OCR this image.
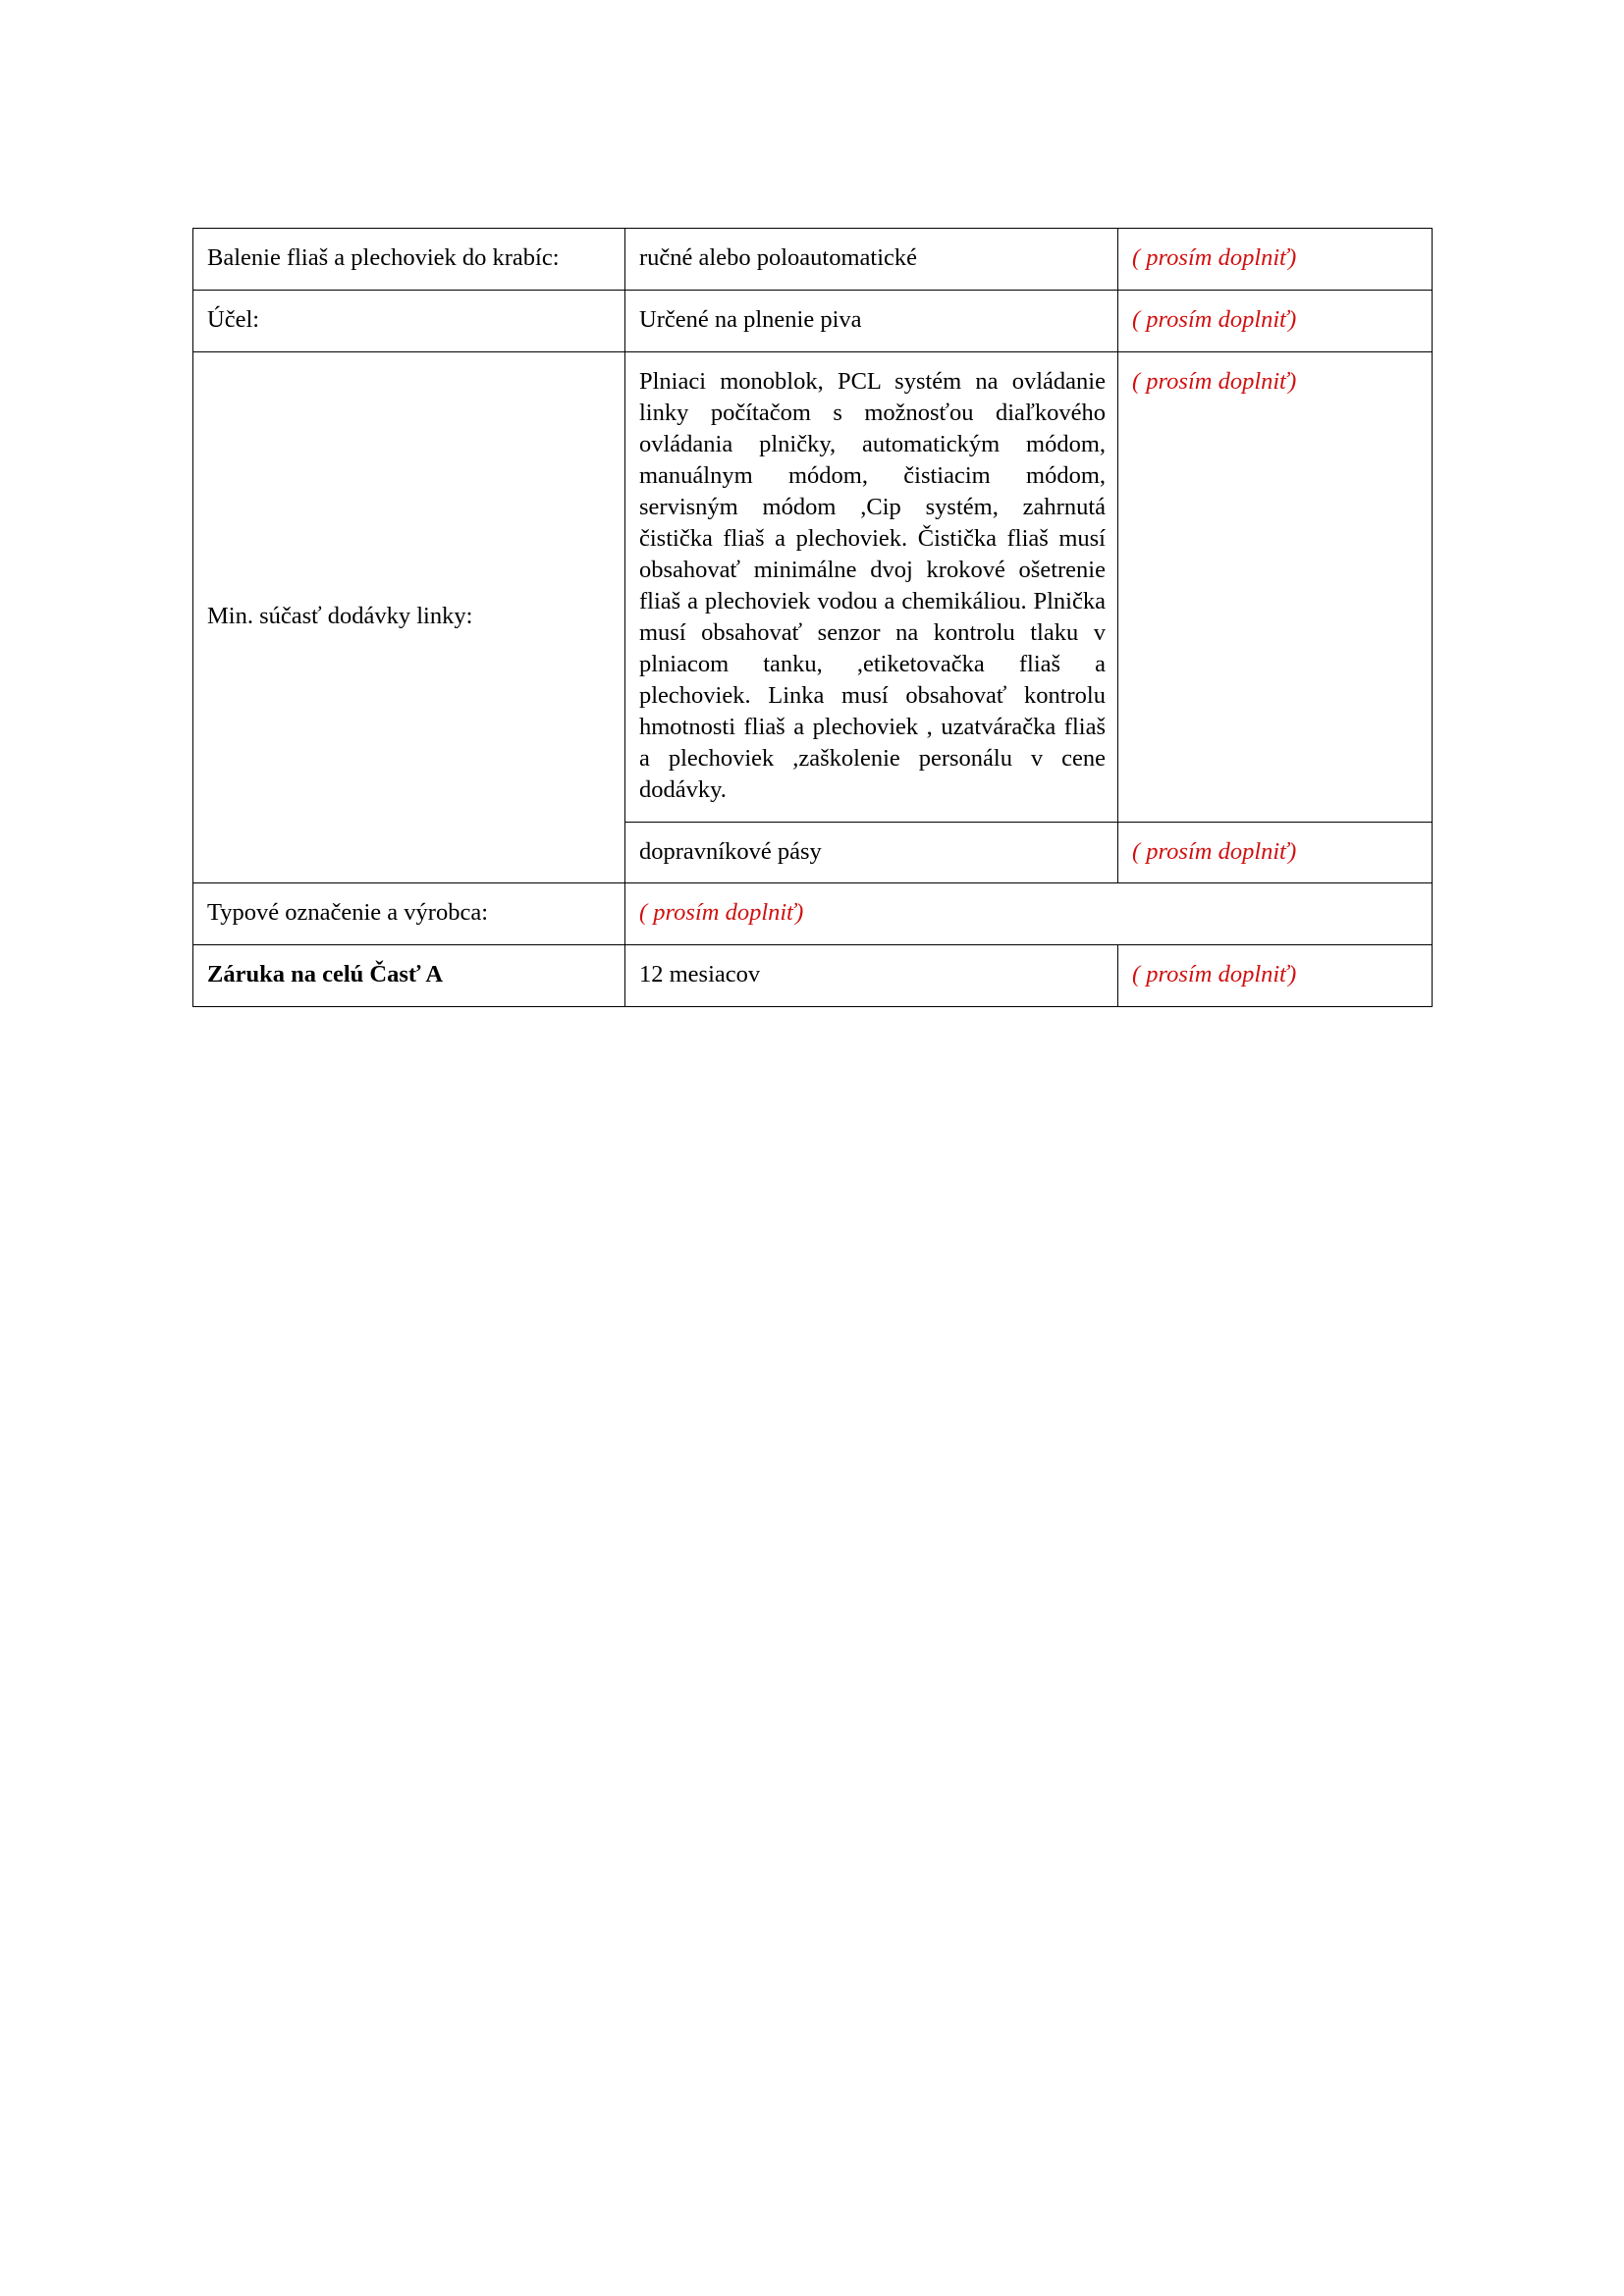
Balenie fliaš a plechoviek do krabíc:	ručné alebo poloautomatické	( prosím doplniť)
Účel:	Určené na plnenie piva	( prosím doplniť)
Min. súčasť dodávky linky:	Plniaci monoblok, PCL systém na ovládanie linky počítačom s možnosťou diaľkového ovládania plničky, automatickým módom, manuálnym módom, čistiacim módom, servisným módom ,Cip systém, zahrnutá čistička fliaš a plechoviek. Čistička fliaš musí obsahovať minimálne dvoj krokové ošetrenie fliaš a plechoviek vodou a chemikáliou. Plnička musí obsahovať senzor na kontrolu tlaku v plniacom tanku, ,etiketovačka fliaš a plechoviek. Linka musí obsahovať kontrolu hmotnosti fliaš a plechoviek , uzatváračka fliaš a plechoviek ,zaškolenie personálu v cene dodávky.	( prosím doplniť)
	dopravníkové pásy	( prosím doplniť)
Typové označenie a výrobca:	( prosím doplniť)	
Záruka na celú Časť A	12 mesiacov	( prosím doplniť)
